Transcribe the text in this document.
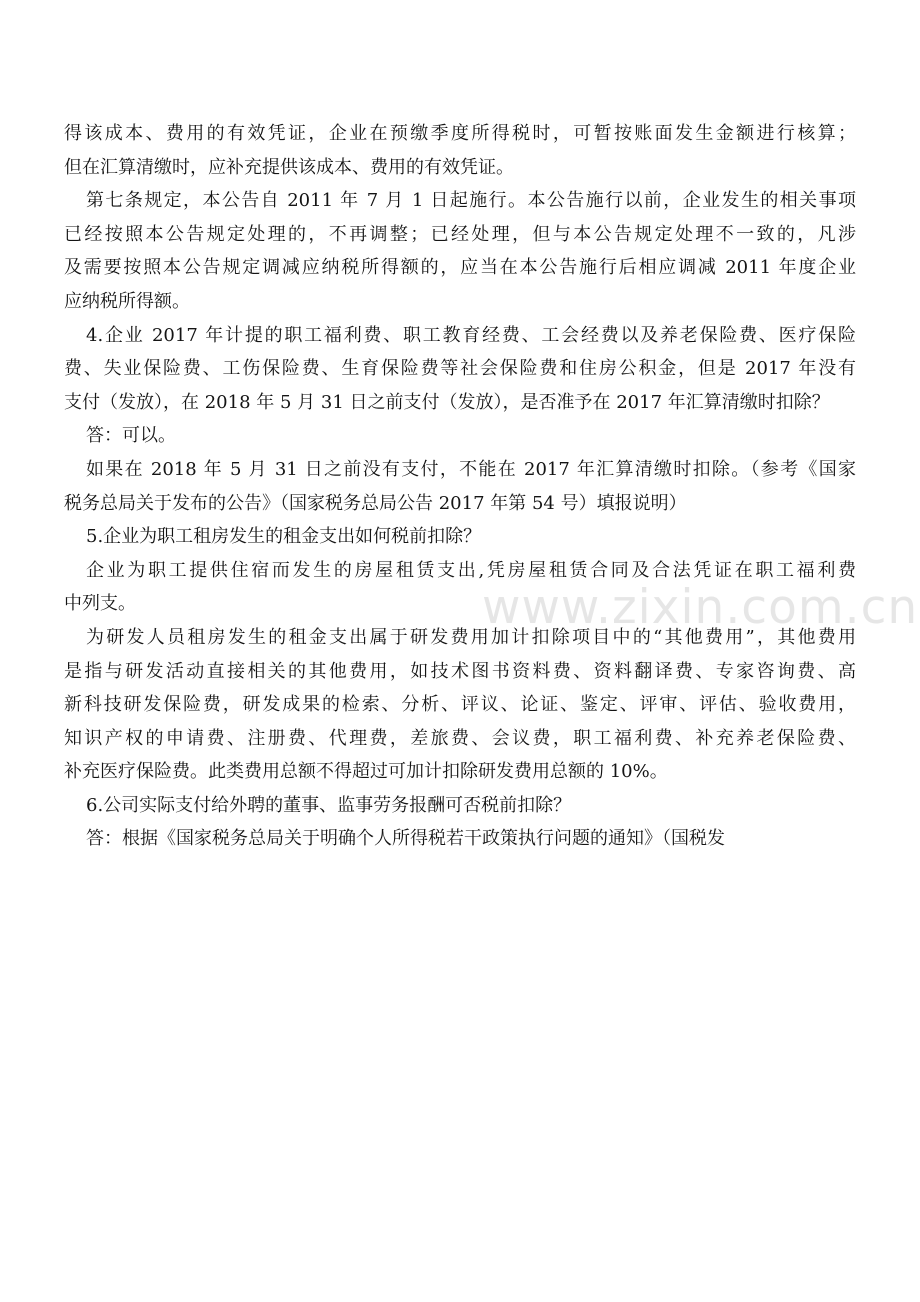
得该成本、费用的有效凭证，企业在预缴季度所得税时，可暂按账面发生金额进行核算；
但在汇算清缴时，应补充提供该成本、费用的有效凭证。
第七条规定，本公告自 2011 年 7 月 1 日起施行。本公告施行以前，企业发生的相关事项
已经按照本公告规定处理的，不再调整；已经处理，但与本公告规定处理不一致的，凡涉
及需要按照本公告规定调减应纳税所得额的，应当在本公告施行后相应调减 2011 年度企业
应纳税所得额。
4.企业 2017 年计提的职工福利费、职工教育经费、工会经费以及养老保险费、医疗保险
费、失业保险费、工伤保险费、生育保险费等社会保险费和住房公积金，但是 2017 年没有
支付（发放），在 2018 年 5 月 31 日之前支付（发放），是否准予在 2017 年汇算清缴时扣除？
答：可以。
如果在 2018 年 5 月 31 日之前没有支付，不能在 2017 年汇算清缴时扣除。（参考《国家
税务总局关于发布的公告》（国家税务总局公告 2017 年第 54 号）填报说明）
5.企业为职工租房发生的租金支出如何税前扣除？
企业为职工提供住宿而发生的房屋租赁支出,凭房屋租赁合同及合法凭证在职工福利费
中列支。
为研发人员租房发生的租金支出属于研发费用加计扣除项目中的“其他费用”，其他费用
是指与研发活动直接相关的其他费用，如技术图书资料费、资料翻译费、专家咨询费、高
新科技研发保险费，研发成果的检索、分析、评议、论证、鉴定、评审、评估、验收费用，
知识产权的申请费、注册费、代理费，差旅费、会议费，职工福利费、补充养老保险费、
补充医疗保险费。此类费用总额不得超过可加计扣除研发费用总额的 10%。
6.公司实际支付给外聘的董事、监事劳务报酬可否税前扣除？
答：根据《国家税务总局关于明确个人所得税若干政策执行问题的通知》（国税发
www.zixin.com.cn
